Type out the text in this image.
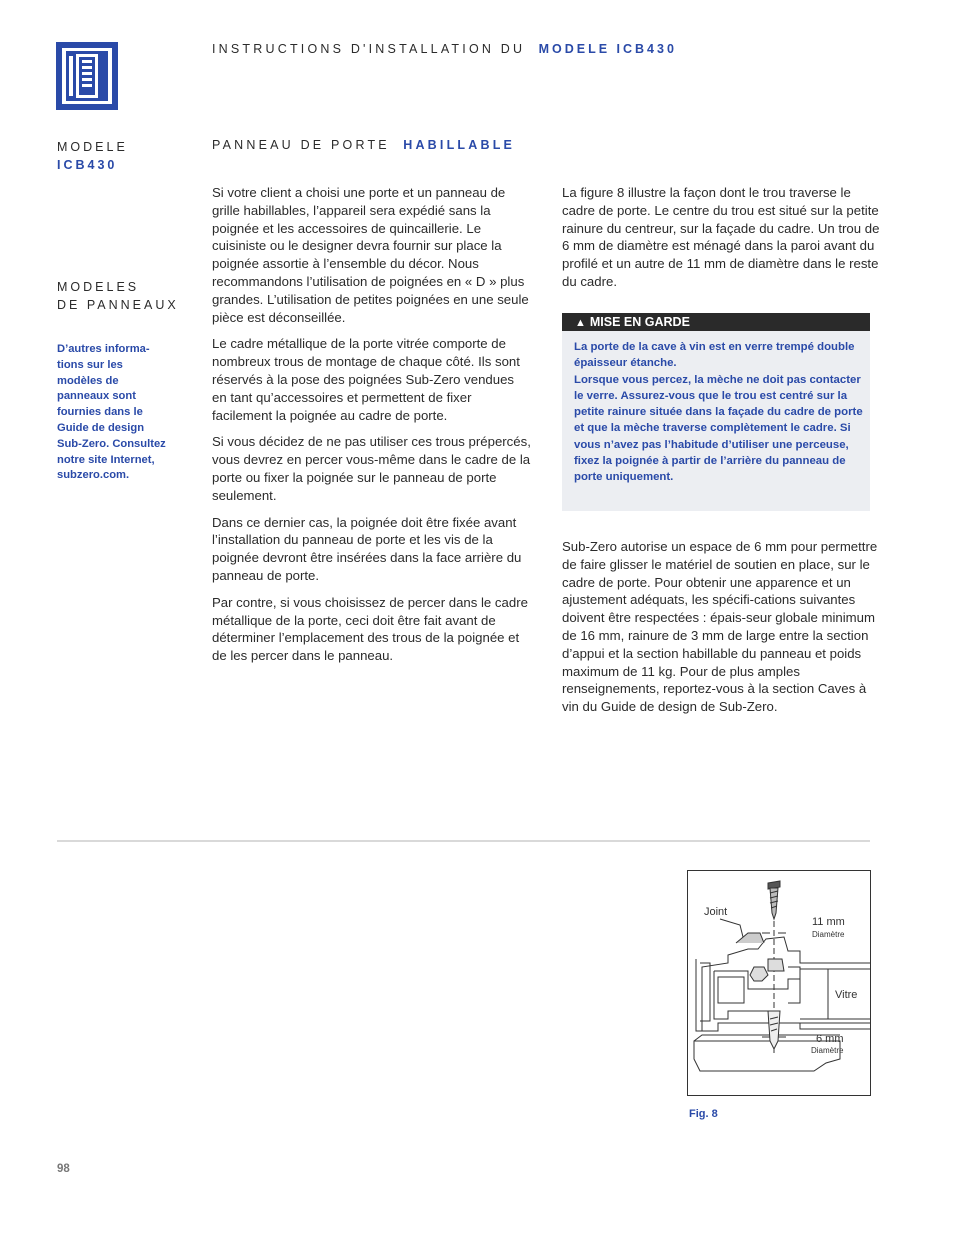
INSTRUCTIONS D'INSTALLATION DU MODELE ICB430
MODELE
ICB430
MODELES
DE PANNEAUX
D’autres informa-
tions sur les
modèles de
panneaux sont
fournies dans le
Guide de design
Sub-Zero. Consultez
notre site Internet,
subzero.com.
PANNEAU DE PORTE HABILLABLE

Si votre client a choisi une porte et un panneau de grille habillables, l’appareil sera expédié sans la poignée et les accessoires de quincaillerie. Le cuisiniste ou le designer devra fournir sur place la poignée assortie à l’ensemble du décor. Nous recommandons l’utilisation de poignées en « D » plus grandes. L’utilisation de petites poignées en une seule pièce est déconseillée.

Le cadre métallique de la porte vitrée comporte de nombreux trous de montage de chaque côté. Ils sont réservés à la pose des poignées Sub-Zero vendues en tant qu’accessoires et permettent de fixer facilement la poignée au cadre de porte.

Si vous décidez de ne pas utiliser ces trous prépercés, vous devrez en percer vous-même dans le cadre de la porte ou fixer la poignée sur le panneau de porte seulement.

Dans ce dernier cas, la poignée doit être fixée avant l’installation du panneau de porte et les vis de la poignée devront être insérées dans la face arrière du panneau de porte.

Par contre, si vous choisissez de percer dans le cadre métallique de la porte, ceci doit être fait avant de déterminer l’emplacement des trous de la poignée et de les percer dans le panneau.

La figure 8 illustre la façon dont le trou traverse le cadre de porte. Le centre du trou est situé sur la petite rainure du centreur, sur la façade du cadre. Un trou de 6 mm de diamètre est ménagé dans la paroi avant du profilé et un autre de 11 mm de diamètre dans le reste du cadre.

▲ MISE EN GARDE
La porte de la cave à vin est en verre trempé double épaisseur étanche.
Lorsque vous percez, la mèche ne doit pas contacter le verre. Assurez-vous que le trou est centré sur la petite rainure située dans la façade du cadre de porte et que la mèche traverse complètement le cadre. Si vous n’avez pas l’habitude d’utiliser une perceuse, fixez la poignée à partir de l’arrière du panneau de porte uniquement.

Sub-Zero autorise un espace de 6 mm pour permettre de faire glisser le matériel de soutien en place, sur le cadre de porte. Pour obtenir une apparence et un ajustement adéquats, les spécifi-cations suivantes doivent être respectées : épais-seur globale minimum de 16 mm, rainure de 3 mm de large entre la section d’appui et la section habillable du panneau et poids maximum de 11 kg. Pour de plus amples renseignements, reportez-vous à la section Caves à vin du Guide de design de Sub-Zero.

Joint
11 mm
Diamètre
Vitre
6 mm
Diamètre
Fig. 8
98
